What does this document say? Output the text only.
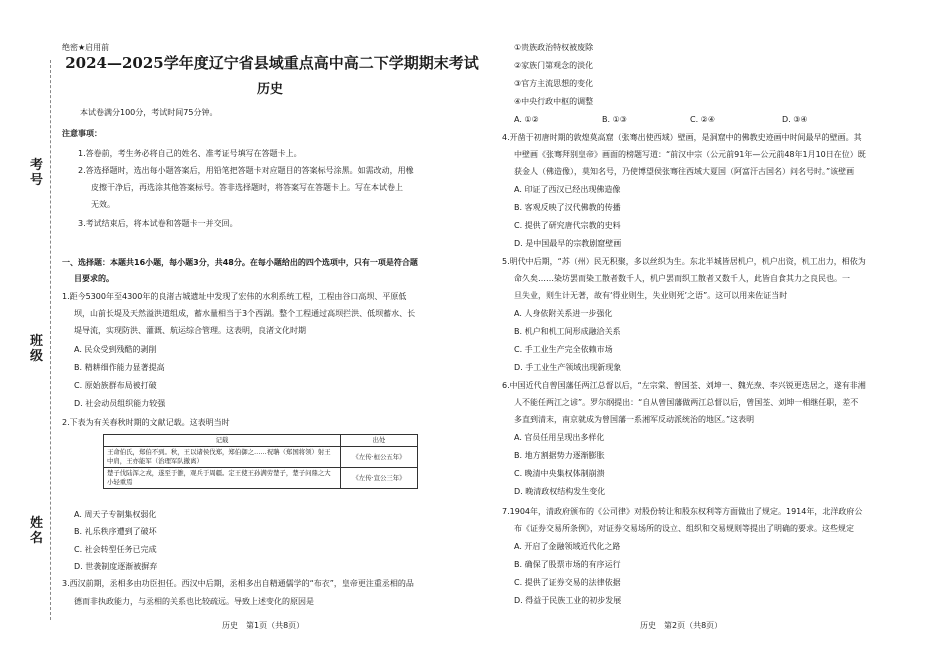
考号
班级
姓名
绝密★启用前
2024—2025学年度辽宁省县域重点高中高二下学期期末考试
历史
本试卷满分100分，考试时间75分钟。
注意事项：
1.答卷前，考生务必将自己的姓名、准考证号填写在答题卡上。
2.答选择题时，选出每小题答案后，用铅笔把答题卡对应题目的答案标号涂黑。如需改动，用橡
皮擦干净后，再选涂其他答案标号。答非选择题时，将答案写在答题卡上。写在本试卷上
无效。
3.考试结束后，将本试卷和答题卡一并交回。
一、选择题：本题共16小题，每小题3分，共48分。在每小题给出的四个选项中，只有一项是符合题
目要求的。
1.距今5300年至4300年的良渚古城遗址中发现了宏伟的水利系统工程，工程由谷口高坝、平原低
坝，山前长堤及天然溢洪道组成，蓄水量相当于3个西湖。整个工程通过高坝拦洪、低坝蓄水、长
堤导流，实现防洪、灌溉、航运综合管理。这表明，良渚文化时期
A. 民众受到残酷的剥削
B. 精耕细作能力显著提高
C. 原始族群布局被打破
D. 社会动员组织能力较强
2.下表为有关春秋时期的文献记载。这表明当时
记载	出处
王命伯氏，郑伯不到。秋，王以诸侯伐郑，郑伯御之……祝聃（郑国将领）射王中肩，王亦能军（治理军队撤离）	《左传·桓公五年》
楚子伐陆浑之戎，遂至于雒，观兵于周疆。定王使王孙满劳楚子，楚子问鼎之大小轻重焉	《左传·宣公三年》
A. 周天子专制集权弱化
B. 礼乐秩序遭到了破坏
C. 社会转型任务已完成
D. 世袭制度逐渐被摒弃
3.西汉前期，丞相多由功臣担任。西汉中后期，丞相多出自精通儒学的“布衣”，皇帝更注重丞相的品
德而非执政能力，与丞相的关系也比较疏远。导致上述变化的原因是
历史　第1页（共8页）
①贵族政治特权被废除
②家族门第观念的淡化
③官方主流思想的变化
④中央行政中枢的调整
A. ①②	B. ①③	C. ②④	D. ③④
4.开凿于初唐时期的敦煌莫高窟（张骞出使西域）壁画，是洞窟中的佛教史迹画中时间最早的壁画。其
中壁画《张骞拜别皇帝》画面的榜题写道：“前汉中宗（公元前91年—公元前48年1月10日在位）既
获金人（佛造像），莫知名号，乃使博望侯张骞往西域大夏国（阿富汗古国名）问名号时。”该壁画
A. 印证了西汉已经出现佛造像
B. 客观反映了汉代佛教的传播
C. 提供了研究唐代宗教的史料
D. 是中国最早的宗教剧窟壁画
5.明代中后期，“苏（州）民无积聚，多以丝织为生。东北半城皆居机户，机户出资，机工出力，相依为
命久矣……染坊罢而染工散者数千人，机户罢而织工散者又数千人，此皆自食其力之良民也。一
旦失业，则生计无著，故有‘得业则生，失业则死’之语”。这可以用来佐证当时
A. 人身依附关系进一步强化
B. 机户和机工间形成融洽关系
C. 手工业生产完全依赖市场
D. 手工业生产领域出现新现象
6.中国近代自曾国藩任两江总督以后，“左宗棠、曾国荃、刘坤一、魏光焘、李兴锐更迭居之，遂有非湘
人不能任两江之谚”。罗尔纲提出：“自从曾国藩做两江总督以后，曾国荃、刘坤一相继任职，差不
多直到清末，南京就成为曾国藩一系湘军反动派统治的地区。”这表明
A. 官员任用呈现出多样化
B. 地方割据势力逐渐膨胀
C. 晚清中央集权体制崩溃
D. 晚清政权结构发生变化
7.1904年，清政府颁布的《公司律》对股份转让和股东权利等方面做出了规定。1914年，北洋政府公
布《证券交易所条例》，对证券交易场所的设立、组织和交易规则等提出了明确的要求。这些规定
A. 开启了金融领域近代化之路
B. 确保了股票市场的有序运行
C. 提供了证券交易的法律依据
D. 得益于民族工业的初步发展
历史　第2页（共8页）
